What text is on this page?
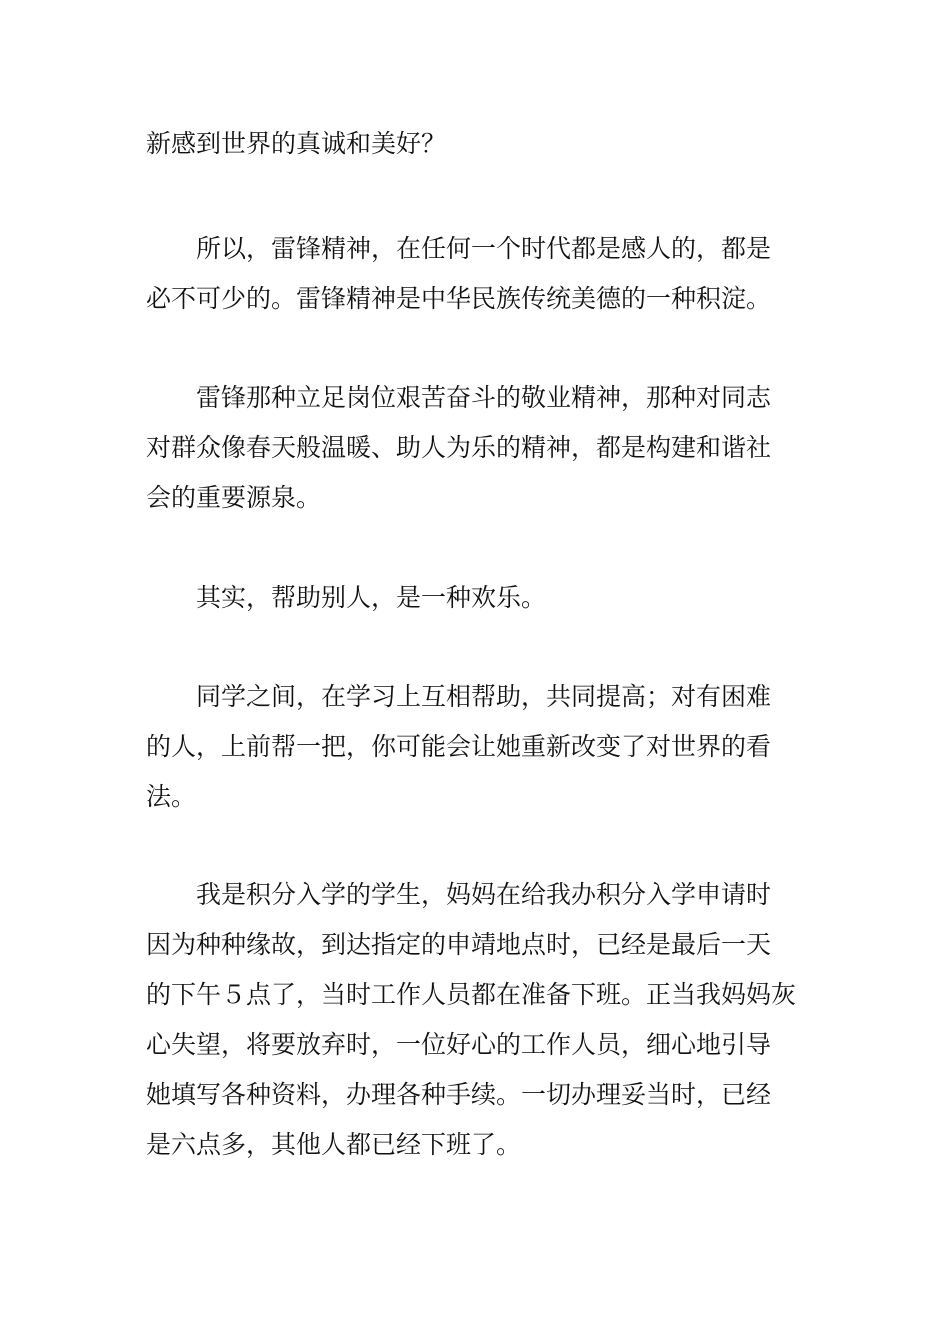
新感到世界的真诚和美好？
　　所以，雷锋精神，在任何一个时代都是感人的，都是
必不可少的。雷锋精神是中华民族传统美德的一种积淀。
　　雷锋那种立足岗位艰苦奋斗的敬业精神，那种对同志
对群众像春天般温暖、助人为乐的精神，都是构建和谐社
会的重要源泉。
　　其实，帮助别人，是一种欢乐。
　　同学之间，在学习上互相帮助，共同提高；对有困难
的人，上前帮一把，你可能会让她重新改变了对世界的看
法。
　　我是积分入学的学生，妈妈在给我办积分入学申请时
因为种种缘故，到达指定的申靖地点时，已经是最后一天
的下午５点了，当时工作人员都在准备下班。正当我妈妈灰
心失望，将要放弃时，一位好心的工作人员，细心地引导
她填写各种资料，办理各种手续。一切办理妥当时，已经
是六点多，其他人都已经下班了。
